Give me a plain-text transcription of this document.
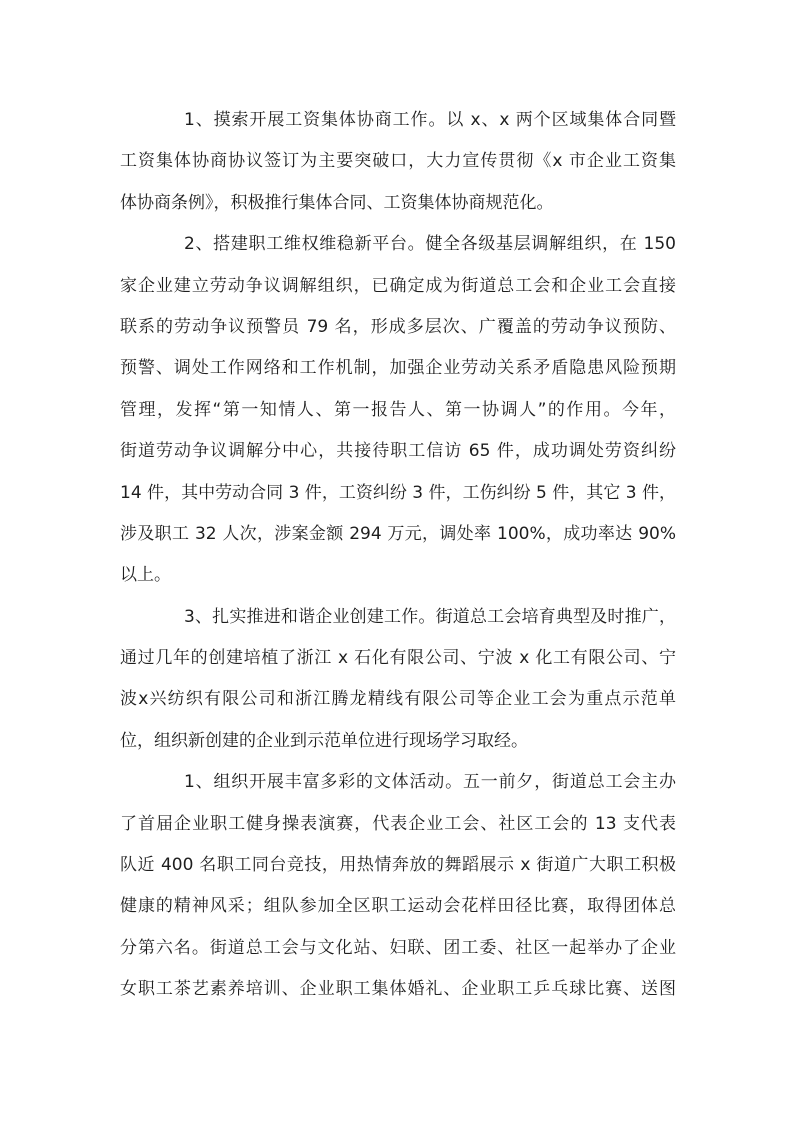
1、摸索开展工资集体协商工作。以 x、x 两个区域集体合同暨
工资集体协商协议签订为主要突破口，大力宣传贯彻《x 市企业工资集
体协商条例》，积极推行集体合同、工资集体协商规范化。
2、搭建职工维权维稳新平台。健全各级基层调解组织，在 150
家企业建立劳动争议调解组织，已确定成为街道总工会和企业工会直接
联系的劳动争议预警员 79 名，形成多层次、广覆盖的劳动争议预防、
预警、调处工作网络和工作机制，加强企业劳动关系矛盾隐患风险预期
管理，发挥“第一知情人、第一报告人、第一协调人”的作用。今年，
街道劳动争议调解分中心，共接待职工信访 65 件，成功调处劳资纠纷
14 件，其中劳动合同 3 件，工资纠纷 3 件，工伤纠纷 5 件，其它 3 件，
涉及职工 32 人次，涉案金额 294 万元，调处率 100%，成功率达 90%
以上。
3、扎实推进和谐企业创建工作。街道总工会培育典型及时推广，
通过几年的创建培植了浙江 x 石化有限公司、宁波 x 化工有限公司、宁
波x兴纺织有限公司和浙江腾龙精线有限公司等企业工会为重点示范单
位，组织新创建的企业到示范单位进行现场学习取经。
1、组织开展丰富多彩的文体活动。五一前夕，街道总工会主办
了首届企业职工健身操表演赛，代表企业工会、社区工会的 13 支代表
队近 400 名职工同台竞技，用热情奔放的舞蹈展示 x 街道广大职工积极
健康的精神风采；组队参加全区职工运动会花样田径比赛，取得团体总
分第六名。街道总工会与文化站、妇联、团工委、社区一起举办了企业
女职工茶艺素养培训、企业职工集体婚礼、企业职工乒乓球比赛、送图
